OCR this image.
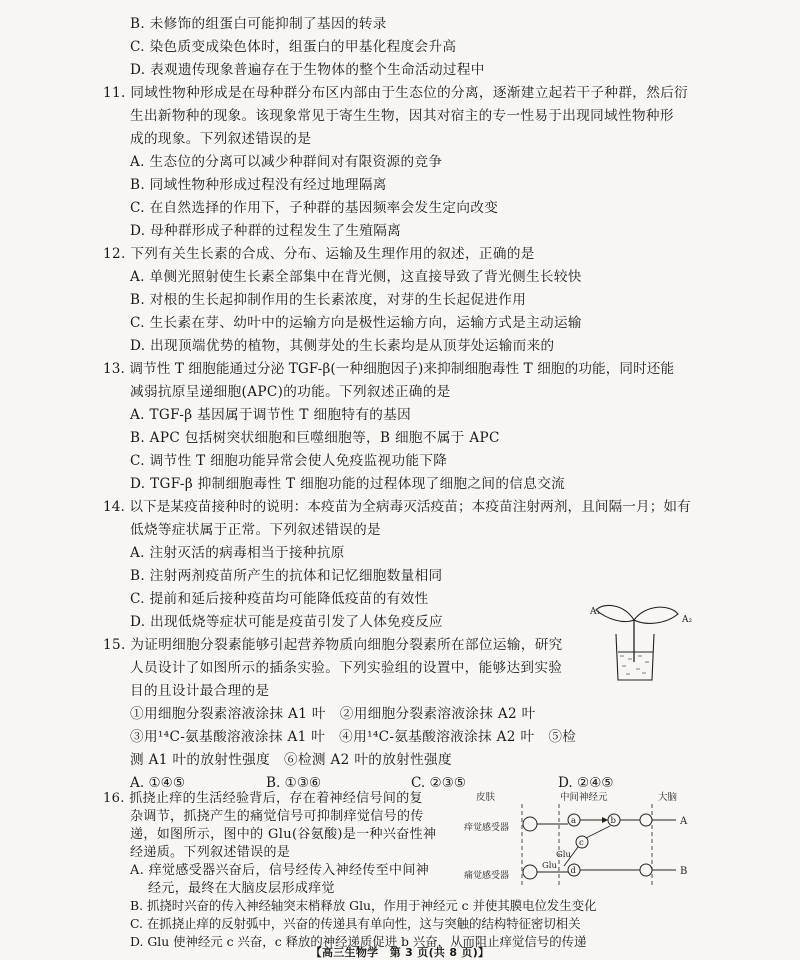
B. 未修饰的组蛋白可能抑制了基因的转录
C. 染色质变成染色体时，组蛋白的甲基化程度会升高
D. 表观遗传现象普遍存在于生物体的整个生命活动过程中
11. 同域性物种形成是在母种群分布区内部由于生态位的分离，逐渐建立起若干子种群，然后衍
生出新物种的现象。该现象常见于寄生生物，因其对宿主的专一性易于出现同域性物种形
成的现象。下列叙述错误的是
A. 生态位的分离可以减少种群间对有限资源的竞争
B. 同域性物种形成过程没有经过地理隔离
C. 在自然选择的作用下，子种群的基因频率会发生定向改变
D. 母种群形成子种群的过程发生了生殖隔离
12. 下列有关生长素的合成、分布、运输及生理作用的叙述，正确的是
A. 单侧光照射使生长素全部集中在背光侧，这直接导致了背光侧生长较快
B. 对根的生长起抑制作用的生长素浓度，对芽的生长起促进作用
C. 生长素在芽、幼叶中的运输方向是极性运输方向，运输方式是主动运输
D. 出现顶端优势的植物，其侧芽处的生长素均是从顶芽处运输而来的
13. 调节性 T 细胞能通过分泌 TGF-β(一种细胞因子)来抑制细胞毒性 T 细胞的功能，同时还能
减弱抗原呈递细胞(APC)的功能。下列叙述正确的是
A. TGF-β 基因属于调节性 T 细胞特有的基因
B. APC 包括树突状细胞和巨噬细胞等，B 细胞不属于 APC
C. 调节性 T 细胞功能异常会使人免疫监视功能下降
D. TGF-β 抑制细胞毒性 T 细胞功能的过程体现了细胞之间的信息交流
14. 以下是某疫苗接种时的说明：本疫苗为全病毒灭活疫苗；本疫苗注射两剂，且间隔一月；如有
低烧等症状属于正常。下列叙述错误的是
A. 注射灭活的病毒相当于接种抗原
B. 注射两剂疫苗所产生的抗体和记忆细胞数量相同
C. 提前和延后接种疫苗均可能降低疫苗的有效性
D. 出现低烧等症状可能是疫苗引发了人体免疫反应
15. 为证明细胞分裂素能够引起营养物质向细胞分裂素所在部位运输，研究
人员设计了如图所示的插条实验。下列实验组的设置中，能够达到实验
目的且设计最合理的是
①用细胞分裂素溶液涂抹 A1 叶　②用细胞分裂素溶液涂抹 A2 叶
③用¹⁴C-氨基酸溶液涂抹 A1 叶　④用¹⁴C-氨基酸溶液涂抹 A2 叶　⑤检
测 A1 叶的放射性强度　⑥检测 A2 叶的放射性强度
A. ①④⑤	B. ①③⑥	C. ②③⑤	D. ②④⑤
A₁
A₂
皮肤	中间神经元	大脑
痒觉感受器
痛觉感受器
a	b	A
c
Glu
Glu d	B
【高三生物学　第 3 页(共 8 页)】
16. 抓挠止痒的生活经验背后，存在着神经信号间的复
杂调节，抓挠产生的痛觉信号可抑制痒觉信号的传
递，如图所示，图中的 Glu(谷氨酸)是一种兴奋性神
经递质。下列叙述错误的是
A. 痒觉感受器兴奋后，信号经传入神经传至中间神
经元，最终在大脑皮层形成痒觉
B. 抓挠时兴奋的传入神经轴突末梢释放 Glu，作用于神经元 c 并使其膜电位发生变化
C. 在抓挠止痒的反射弧中，兴奋的传递具有单向性，这与突触的结构特征密切相关
D. Glu 使神经元 c 兴奋，c 释放的神经递质促进 b 兴奋，从而阻止痒觉信号的传递
